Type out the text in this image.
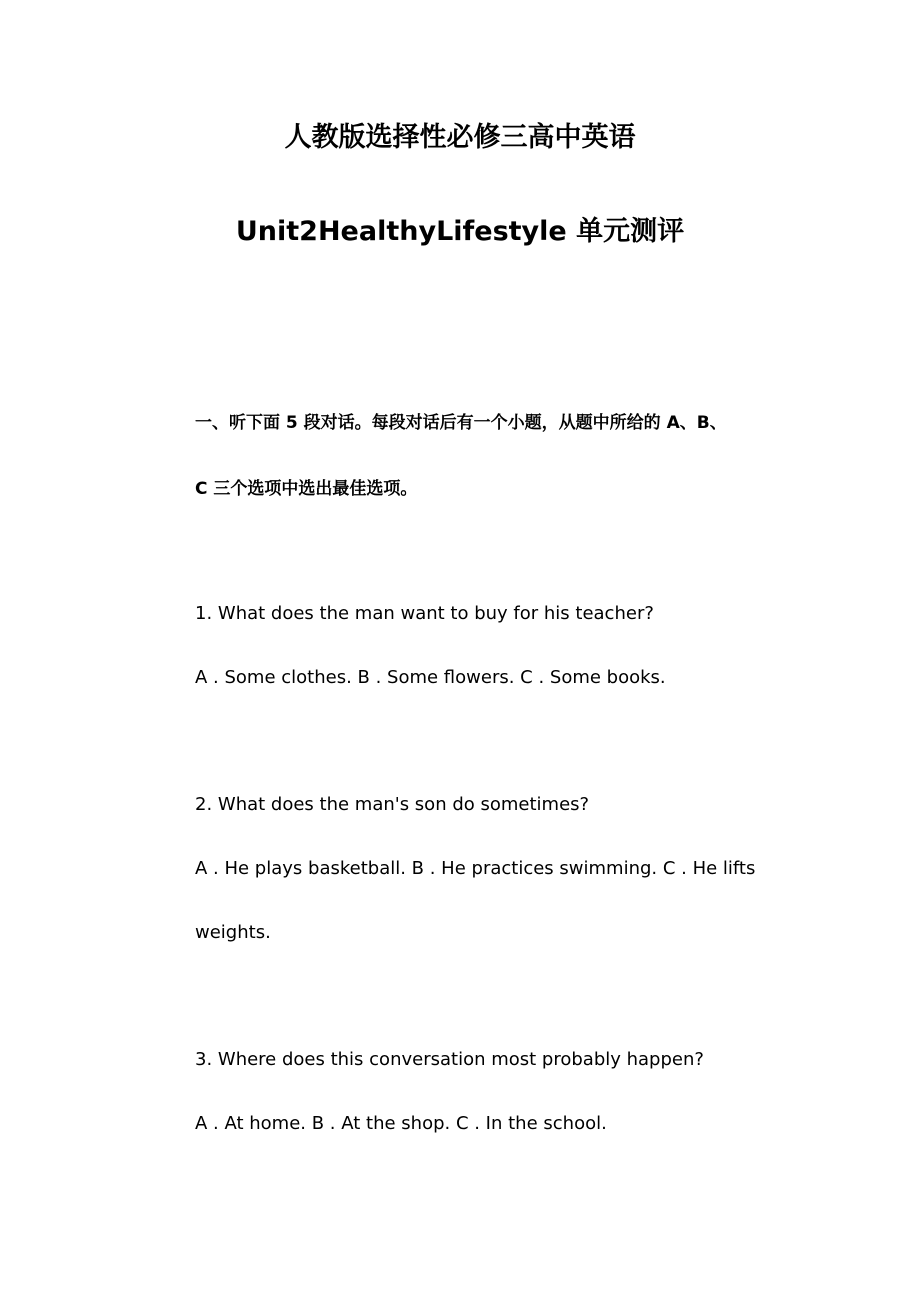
人教版选择性必修三高中英语
Unit2HealthyLifestyle 单元测评
一、听下面 5 段对话。每段对话后有一个小题，从题中所给的 A、B、
C 三个选项中选出最佳选项。
1. What does the man want to buy for his teacher?
A . Some clothes. B . Some flowers. C . Some books.
2. What does the man's son do sometimes?
A . He plays basketball. B . He practices swimming. C . He lifts
weights.
3. Where does this conversation most probably happen?
A . At home. B . At the shop. C . In the school.
